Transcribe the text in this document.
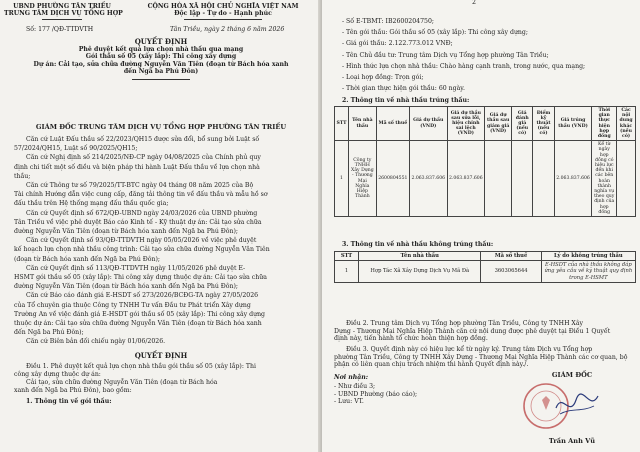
UBND PHƯỜNG TÂN TRIỀU
TRUNG TÂM DỊCH VỤ TỔNG HỢP
CỘNG HÒA XÃ HỘI CHỦ NGHĨA VIỆT NAM
Độc lập - Tự do - Hạnh phúc
Số: 177 /QĐ-TTDVTH	Tân Triều, ngày 2 tháng 6 năm 2026
QUYẾT ĐỊNH
Phê duyệt kết quả lựa chọn nhà thầu qua mạng
Gói thầu số 05 (xây lắp): Thi công xây dựng
Dự án: Cải tạo, sửa chữa đường Nguyễn Văn Tiên (đoạn từ Bách hóa xanh
đến Ngã ba Phú Đôn)
GIÁM ĐỐC TRUNG TÂM DỊCH VỤ TỔNG HỢP PHƯỜNG TÂN TRIỀU
Căn cứ Luật Đấu thầu số 22/2023/QH15 được sửa đổi, bổ sung bởi Luật số
57/2024/QH15, Luật số 90/2025/QH15;
Căn cứ Nghị định số 214/2025/NĐ-CP ngày 04/08/2025 của Chính phủ quy
định chi tiết một số điều và biện pháp thi hành Luật Đấu thầu về lựa chọn nhà
thầu;
Căn cứ Thông tư số 79/2025/TT-BTC ngày 04 tháng 08 năm 2025 của Bộ
Tài chính Hướng dẫn việc cung cấp, đăng tải thông tin về đấu thầu và mẫu hồ sơ
đấu thầu trên Hệ thống mạng đấu thầu quốc gia;
Căn cứ Quyết định số 672/QĐ-UBND ngày 24/03/2026 của UBND phường
Tân Triều về việc phê duyệt Báo cáo Kinh tế - Kỹ thuật dự án: Cải tạo sửa chữa
đường Nguyễn Văn Tiên (đoạn từ Bách hóa xanh đến Ngã ba Phú Đôn);
Căn cứ Quyết định số 93/QĐ-TTDVTH ngày 05/05/2026 về việc phê duyệt
kế hoạch lựa chọn nhà thầu công trình: Cải tạo sửa chữa đường Nguyễn Văn Tiên
(đoạn từ Bách hóa xanh đến Ngã ba Phú Đôn);
Căn cứ Quyết định số 113/QĐ-TTDVTH ngày 11/05/2026 phê duyệt E-
HSMT gói thầu số 05 (xây lắp): Thi công xây dựng thuộc dự án: Cải tạo sửa chữa
đường Nguyễn Văn Tiên (đoạn từ Bách hóa xanh đến Ngã ba Phú Đôn);
Căn cứ Báo cáo đánh giá E-HSDT số 273/2026/BCĐG-TA ngày 27/05/2026
của Tổ chuyên gia thuộc Công ty TNHH Tư vấn Đầu tư Phát triển Xây dựng
Trường An về việc đánh giá E-HSDT gói thầu số 05 (xây lắp): Thi công xây dựng
thuộc dự án: Cải tạo sửa chữa đường Nguyễn Văn Tiên (đoạn từ Bách hóa xanh
đến Ngã ba Phú Đôn);
Căn cứ Biên bản đối chiếu ngày 01/06/2026.
QUYẾT ĐỊNH
Điều 1. Phê duyệt kết quả lựa chọn nhà thầu gói thầu số 05 (xây lắp): Thi
công xây dựng thuộc dự án:
Cải tạo, sửa chữa đường Nguyễn Văn Tiên (đoạn từ Bách hóa
xanh đến Ngã ba Phú Đôn), bao gồm:
1. Thông tin về gói thầu:
2
- Số E-TBMT: IB2600204750;
- Tên gói thầu: Gói thầu số 05 (xây lắp): Thi công xây dựng;
- Giá gói thầu: 2.122.773.012 VNĐ;
- Tên Chủ đầu tư: Trung tâm Dịch vụ Tổng hợp phường Tân Triều;
- Hình thức lựa chọn nhà thầu: Chào hàng cạnh tranh, trong nước, qua mạng;
- Loại hợp đồng: Trọn gói;
- Thời gian thực hiện gói thầu: 60 ngày.
2. Thông tin về nhà thầu trúng thầu:
STT	Tên nhà thầu	Mã số thuế	Giá dự thầu (VND)	Giá dự thầu sau sửa lỗi, hiệu chỉnh sai lệch (VND)	Giá dự thầu sau giảm giá (VND)	Giá đánh giá (nếu có)	Điểm kỹ thuật (nếu có)	Giá trúng thầu (VND)	Thời gian thực hiện hợp đồng	Các nội dung khác (nếu có)
1	Công ty TNHH Xây Dựng - Thương Mại Nghĩa Hiệp Thành	2600804551	2.063.837.606	2.063.837.606				2.063.837.606	Kể từ ngày hợp đồng có hiệu lực đến khi các bên hoàn thành nghĩa vụ theo quy định của hợp đồng	
3. Thông tin về nhà thầu không trúng thầu:
STT	Tên nhà thầu	Mã số thuế	Lý do không trúng thầu
1	Hợp Tác Xã Xây Dựng Dịch Vụ Mã Đà	3603065644	E-HSDT của nhà thầu không đáp ứng yêu cầu về kỹ thuật quy định trong E-HSMT
Điều 2. Trung tâm Dịch vụ Tổng hợp phường Tân Triều, Công ty TNHH Xây
Dựng - Thương Mại Nghĩa Hiệp Thành căn cứ nội dung được phê duyệt tại Điều 1 Quyết
định này, tiến hành tổ chức hoàn thiện hợp đồng.
Điều 3. Quyết định này có hiệu lực kể từ ngày ký. Trung tâm Dịch vụ Tổng hợp
phường Tân Triều, Công ty TNHH Xây Dựng - Thương Mại Nghĩa Hiệp Thành các cơ quan, bộ
phận có liên quan chịu trách nhiệm thi hành Quyết định này./.
Nơi nhận:
- Như điều 3;
- UBND Phường (báo cáo);
- Lưu: VT.
GIÁM ĐỐC
Trần Anh Vũ
